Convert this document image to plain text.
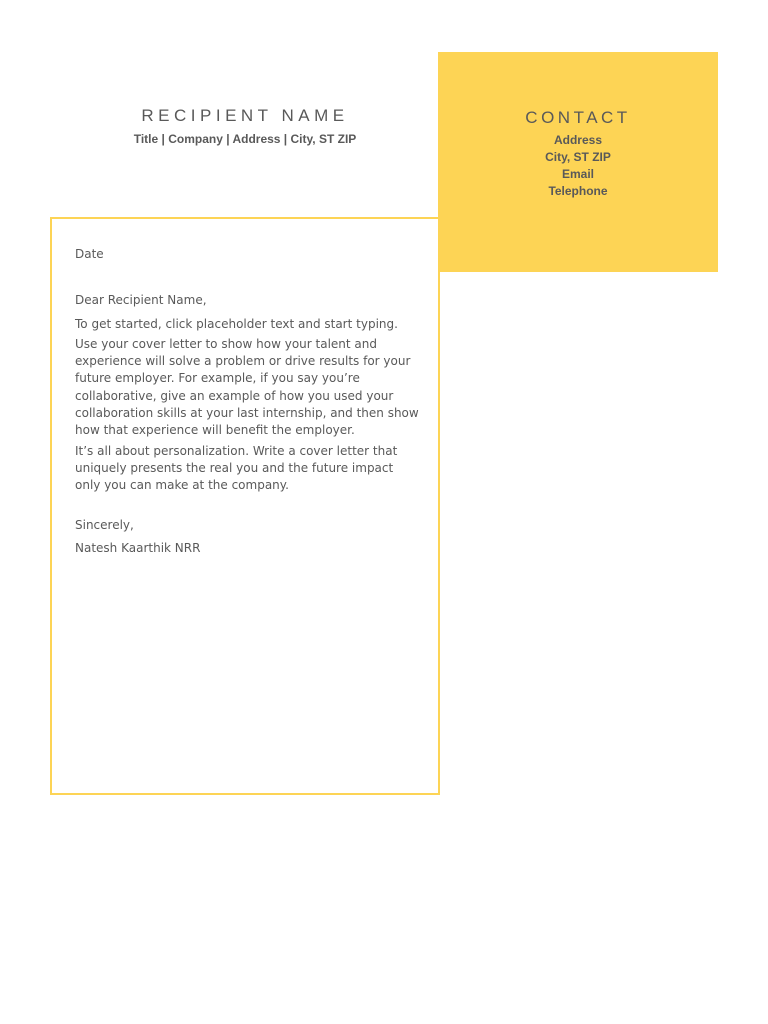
RECIPIENT NAME
Title | Company | Address | City, ST ZIP
CONTACT
Address
City, ST ZIP
Email
Telephone

Date

Dear Recipient Name,

To get started, click placeholder text and start typing.

Use your cover letter to show how your talent and experience will solve a problem or drive results for your future employer. For example, if you say you’re collaborative, give an example of how you used your collaboration skills at your last internship, and then show how that experience will benefit the employer.

It’s all about personalization. Write a cover letter that uniquely presents the real you and the future impact only you can make at the company.

Sincerely,

Natesh Kaarthik NRR
